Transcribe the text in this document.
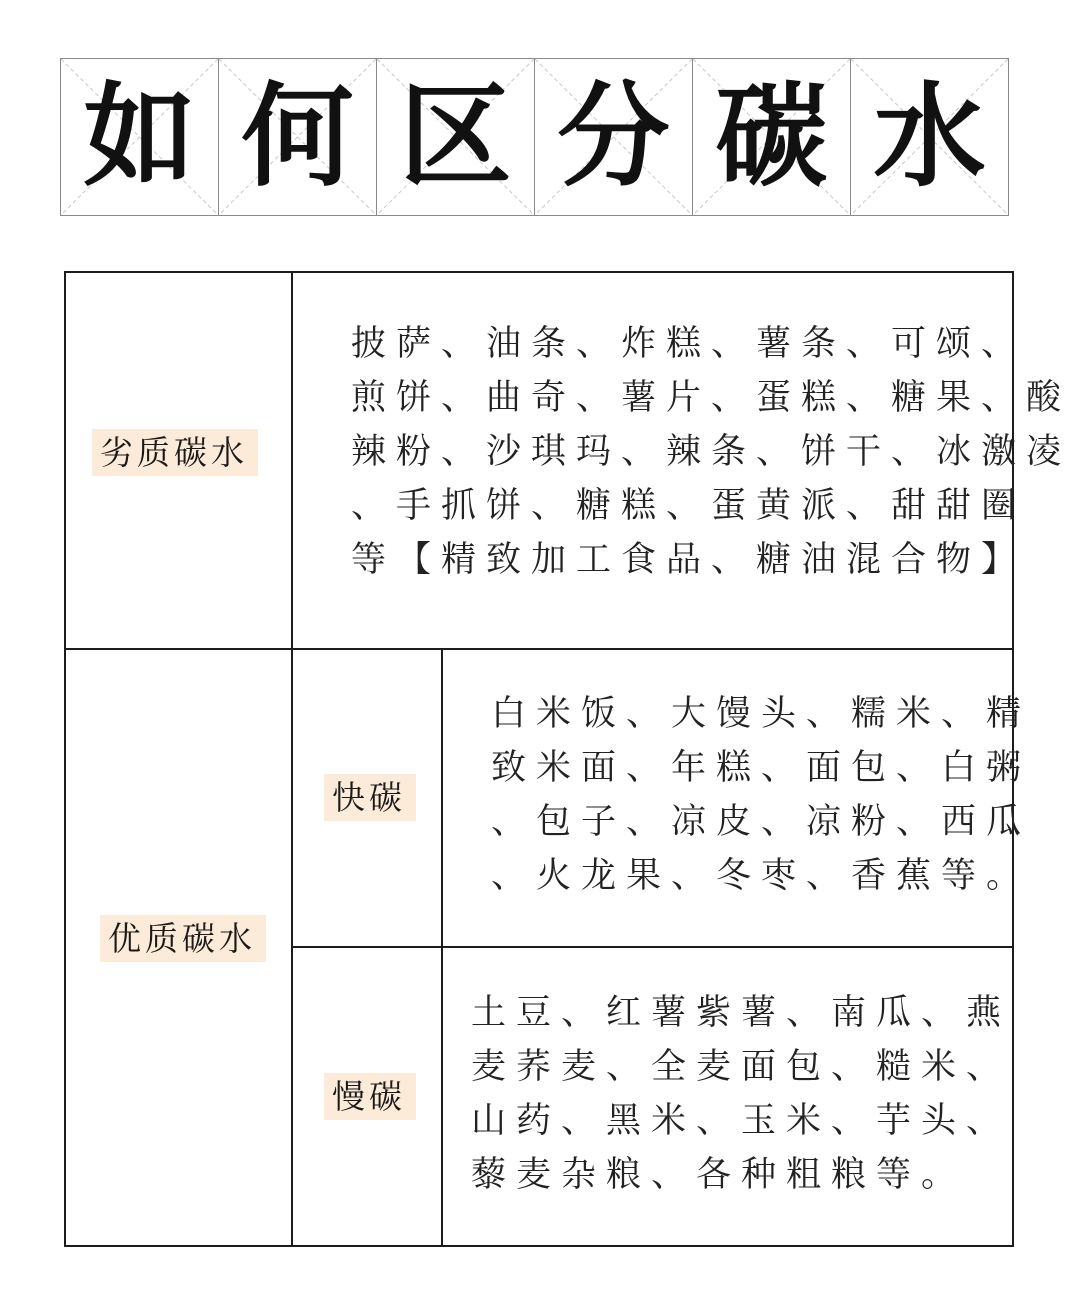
如 何 区 分 碳 水
劣质碳水
披萨、油条、炸糕、薯条、可颂、
煎饼、曲奇、薯片、蛋糕、糖果、酸
辣粉、沙琪玛、辣条、饼干、冰激凌
、手抓饼、糖糕、蛋黄派、甜甜圈
等【精致加工食品、糖油混合物】
优质碳水
快碳
白米饭、大馒头、糯米、精
致米面、年糕、面包、白粥
、包子、凉皮、凉粉、西瓜
、火龙果、冬枣、香蕉等。
慢碳
土豆、红薯紫薯、南瓜、燕
麦荞麦、全麦面包、糙米、
山药、黑米、玉米、芋头、
藜麦杂粮、各种粗粮等。
